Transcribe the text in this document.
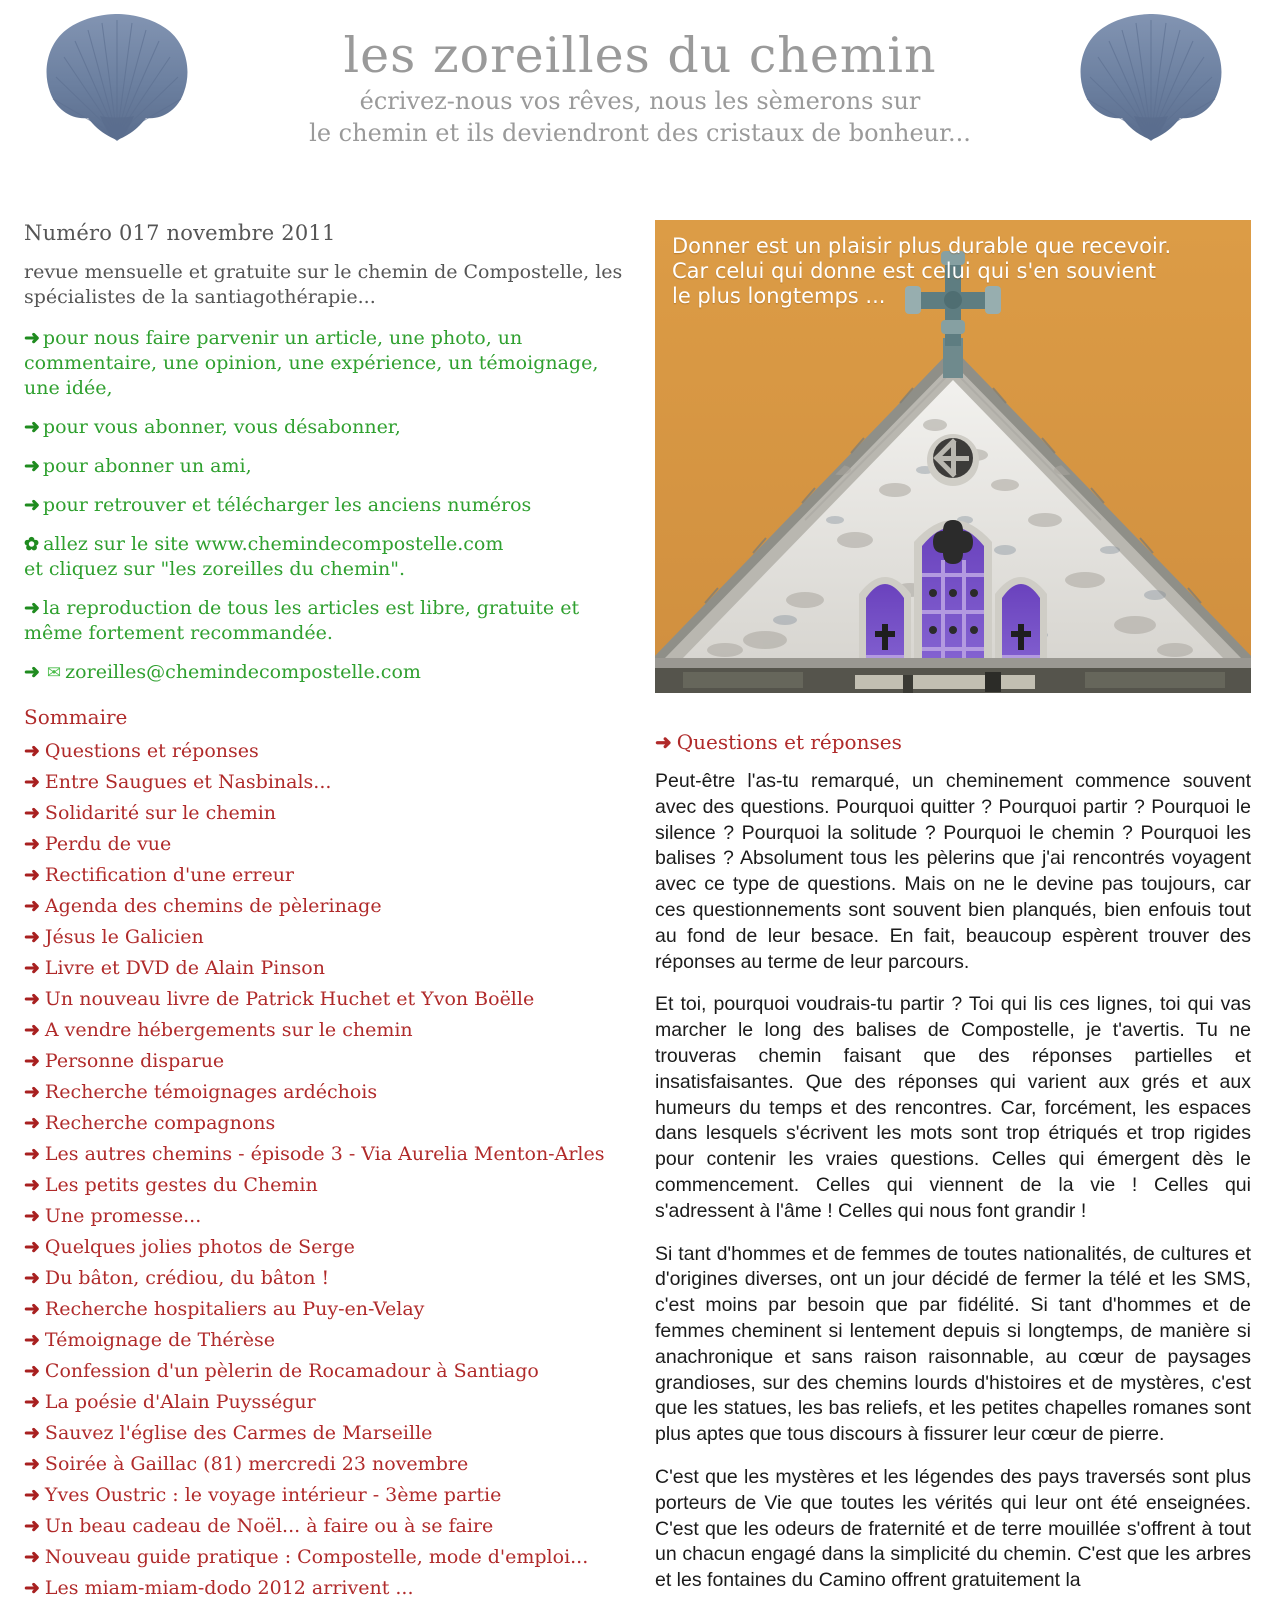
les zoreilles du chemin
écrivez-nous vos rêves, nous les sèmerons sur
le chemin et ils deviendront des cristaux de bonheur...
Numéro 017 novembre 2011
revue mensuelle et gratuite sur le chemin de Compostelle, les spécialistes de la santiagothérapie...
➜ pour nous faire parvenir un article, une photo, un commentaire, une opinion, une expérience, un témoignage, une idée,
➜ pour vous abonner, vous désabonner,
➜ pour abonner un ami,
➜ pour retrouver et télécharger les anciens numéros
✿ allez sur le site www.chemindecompostelle.com
et cliquez sur "les zoreilles du chemin".
➜ la reproduction de tous les articles est libre, gratuite et même fortement recommandée.
➜ ✉ zoreilles@chemindecompostelle.com
Sommaire
➜ Questions et réponses
➜ Entre Saugues et Nasbinals...
➜ Solidarité sur le chemin
➜ Perdu de vue
➜ Rectification d'une erreur
➜ Agenda des chemins de pèlerinage
➜ Jésus le Galicien
➜ Livre et DVD de Alain Pinson
➜ Un nouveau livre de Patrick Huchet et Yvon Boëlle
➜ A vendre hébergements sur le chemin
➜ Personne disparue
➜ Recherche témoignages ardéchois
➜ Recherche compagnons
➜ Les autres chemins - épisode 3 - Via Aurelia Menton-Arles
➜ Les petits gestes du Chemin
➜ Une promesse...
➜ Quelques jolies photos de Serge
➜ Du bâton, crédiou, du bâton !
➜ Recherche hospitaliers au Puy-en-Velay
➜ Témoignage de Thérèse
➜ Confession d'un pèlerin de Rocamadour à Santiago
➜ La poésie d'Alain Puysségur
➜ Sauvez l'église des Carmes de Marseille
➜ Soirée à Gaillac (81) mercredi 23 novembre
➜ Yves Oustric : le voyage intérieur - 3ème partie
➜ Un beau cadeau de Noël... à faire ou à se faire
➜ Nouveau guide pratique : Compostelle, mode d'emploi...
➜ Les miam-miam-dodo 2012 arrivent ...
Donner est un plaisir plus durable que recevoir.
Car celui qui donne est celui qui s'en souvient
le plus longtemps ...
➜ Questions et réponses

Peut-être l'as-tu remarqué, un cheminement commence souvent avec des questions. Pourquoi quitter ? Pourquoi partir ? Pourquoi le silence ? Pourquoi la solitude ? Pourquoi le chemin ? Pourquoi les balises ? Absolument tous les pèlerins que j'ai rencontrés voyagent avec ce type de questions. Mais on ne le devine pas toujours, car ces questionnements sont souvent bien planqués, bien enfouis tout au fond de leur besace. En fait, beaucoup espèrent trouver des réponses au terme de leur parcours.

Et toi, pourquoi voudrais-tu partir ? Toi qui lis ces lignes, toi qui vas marcher le long des balises de Compostelle, je t'avertis. Tu ne trouveras chemin faisant que des réponses partielles et insatisfaisantes. Que des réponses qui varient aux grés et aux humeurs du temps et des rencontres. Car, forcément, les espaces dans lesquels s'écrivent les mots sont trop étriqués et trop rigides pour contenir les vraies questions. Celles qui émergent dès le commencement. Celles qui viennent de la vie ! Celles qui s'adressent à l'âme ! Celles qui nous font grandir !

Si tant d'hommes et de femmes de toutes nationalités, de cultures et d'origines diverses, ont un jour décidé de fermer la télé et les SMS, c'est moins par besoin que par fidélité. Si tant d'hommes et de femmes cheminent si lentement depuis si longtemps, de manière si anachronique et sans raison raisonnable, au cœur de paysages grandioses, sur des chemins lourds d'histoires et de mystères, c'est que les statues, les bas reliefs, et les petites chapelles romanes sont plus aptes que tous discours à fissurer leur cœur de pierre.

C'est que les mystères et les légendes des pays traversés sont plus porteurs de Vie que toutes les vérités qui leur ont été enseignées. C'est que les odeurs de fraternité et de terre mouillée s'offrent à tout un chacun engagé dans la simplicité du chemin. C'est que les arbres et les fontaines du Camino offrent gratuitement la
